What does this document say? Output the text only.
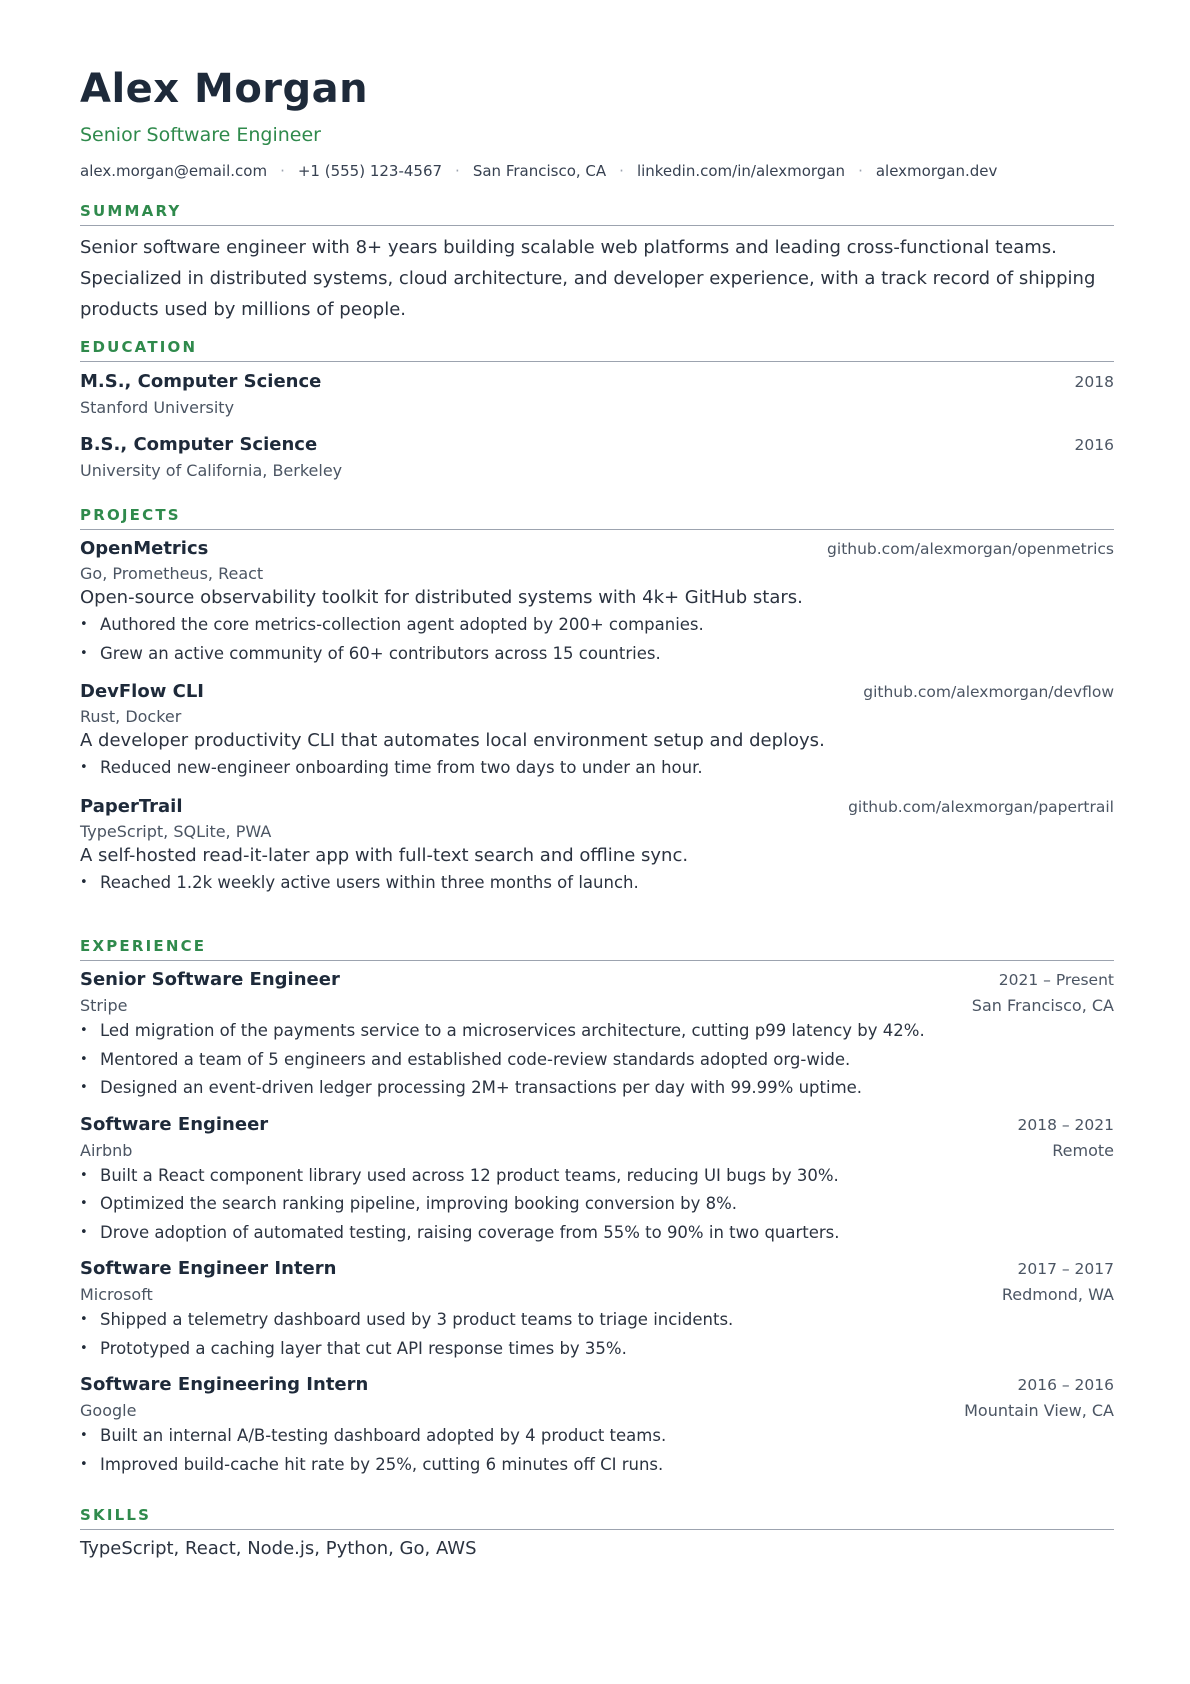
Alex Morgan
Senior Software Engineer
alex.morgan@email.com · +1 (555) 123-4567 · San Francisco, CA · linkedin.com/in/alexmorgan · alexmorgan.dev
SUMMARY
Senior software engineer with 8+ years building scalable web platforms and leading cross-functional teams.
Specialized in distributed systems, cloud architecture, and developer experience, with a track record of shipping
products used by millions of people.
EDUCATION
M.S., Computer Science	2018
Stanford University
B.S., Computer Science	2016
University of California, Berkeley
PROJECTS
OpenMetrics	github.com/alexmorgan/openmetrics
Go, Prometheus, React
Open-source observability toolkit for distributed systems with 4k+ GitHub stars.
• Authored the core metrics-collection agent adopted by 200+ companies.
• Grew an active community of 60+ contributors across 15 countries.
DevFlow CLI	github.com/alexmorgan/devflow
Rust, Docker
A developer productivity CLI that automates local environment setup and deploys.
• Reduced new-engineer onboarding time from two days to under an hour.
PaperTrail	github.com/alexmorgan/papertrail
TypeScript, SQLite, PWA
A self-hosted read-it-later app with full-text search and offline sync.
• Reached 1.2k weekly active users within three months of launch.
EXPERIENCE
Senior Software Engineer	2021 – Present
Stripe	San Francisco, CA
• Led migration of the payments service to a microservices architecture, cutting p99 latency by 42%.
• Mentored a team of 5 engineers and established code-review standards adopted org-wide.
• Designed an event-driven ledger processing 2M+ transactions per day with 99.99% uptime.
Software Engineer	2018 – 2021
Airbnb	Remote
• Built a React component library used across 12 product teams, reducing UI bugs by 30%.
• Optimized the search ranking pipeline, improving booking conversion by 8%.
• Drove adoption of automated testing, raising coverage from 55% to 90% in two quarters.
Software Engineer Intern	2017 – 2017
Microsoft	Redmond, WA
• Shipped a telemetry dashboard used by 3 product teams to triage incidents.
• Prototyped a caching layer that cut API response times by 35%.
Software Engineering Intern	2016 – 2016
Google	Mountain View, CA
• Built an internal A/B-testing dashboard adopted by 4 product teams.
• Improved build-cache hit rate by 25%, cutting 6 minutes off CI runs.
SKILLS
TypeScript, React, Node.js, Python, Go, AWS
